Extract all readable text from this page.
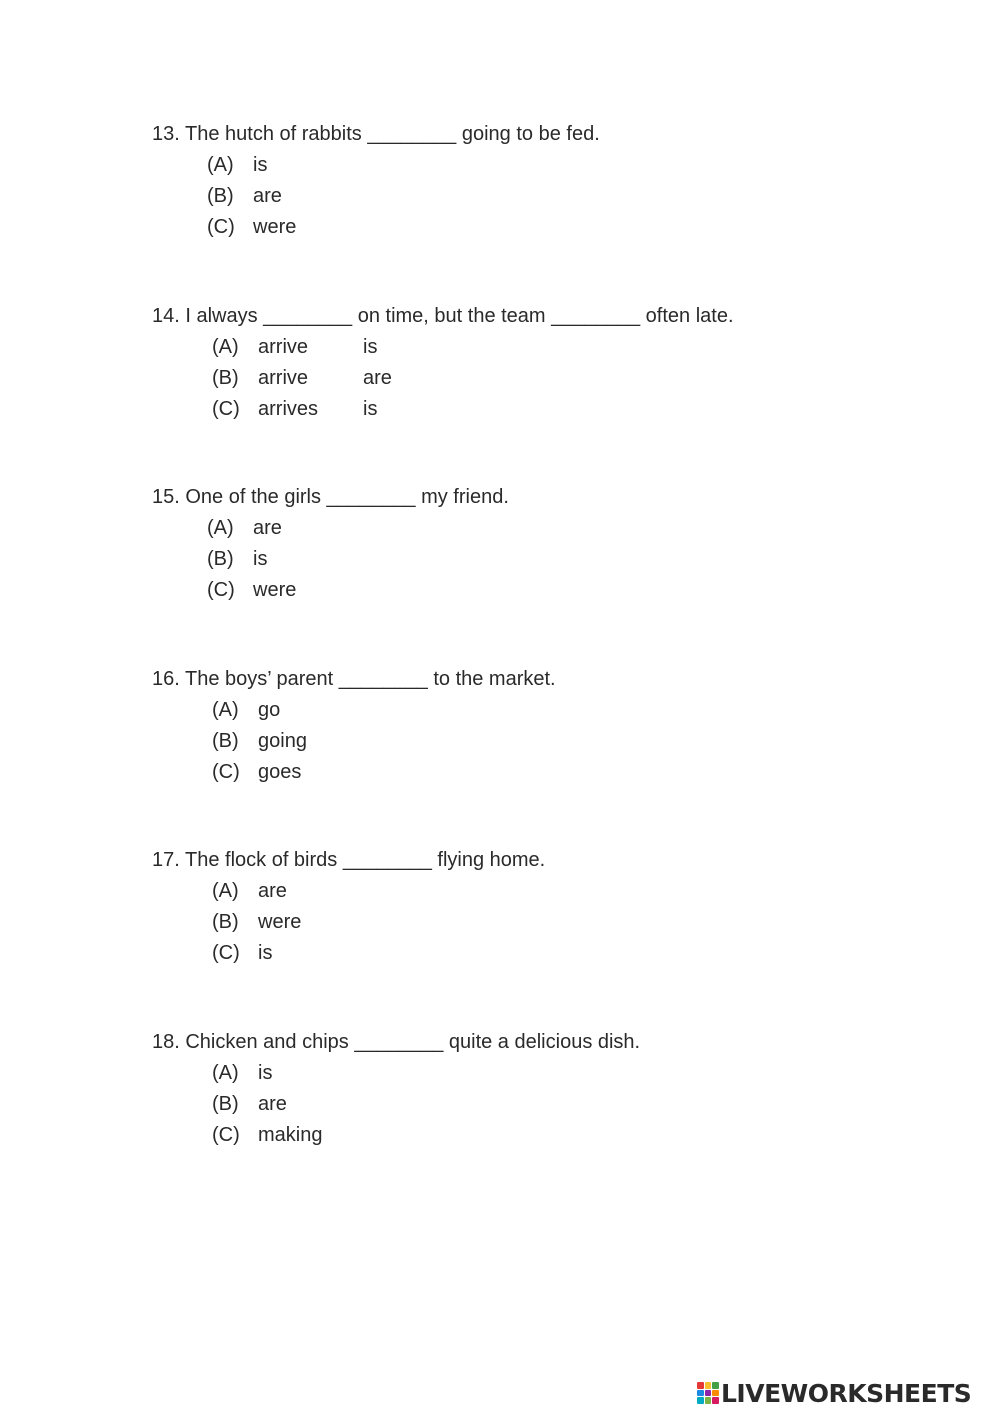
13. The hutch of rabbits ________ going to be fed.
(A) is
(B) are
(C) were
14. I always ________ on time, but the team ________ often late.
(A) arrive	is
(B) arrive	are
(C) arrives is
15. One of the girls ________ my friend.
(A) are
(B) is
(C) were
16. The boys’ parent ________ to the market.
(A) go
(B) going
(C) goes
17. The flock of birds ________ flying home.
(A) are
(B) were
(C) is
18. Chicken and chips ________ quite a delicious dish.
(A) is
(B) are
(C) making
LIVEWORKSHEETS
